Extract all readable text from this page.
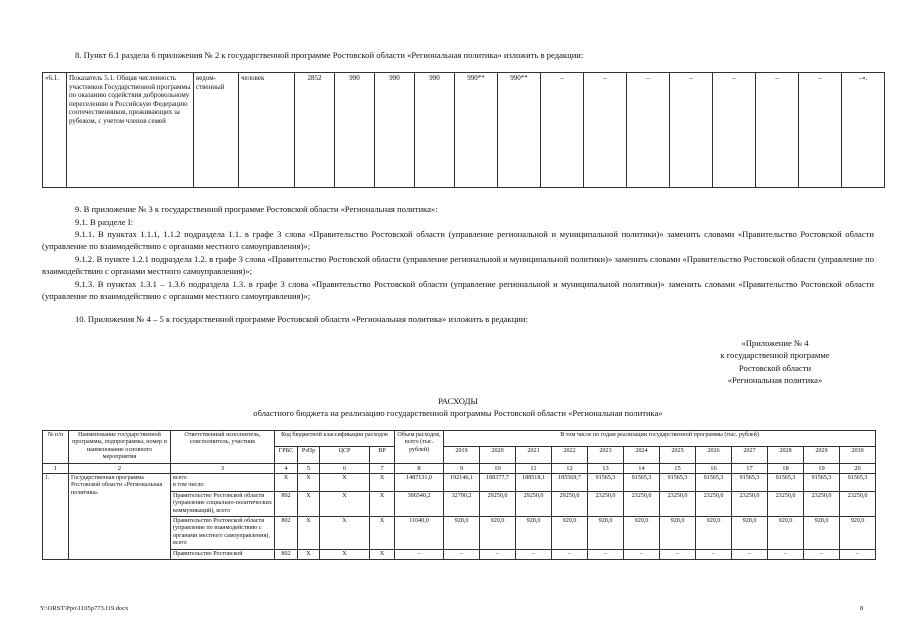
8. Пункт 6.1 раздела 6 приложения № 2 к государственной программе Ростовской области «Региональная политика» изложить в редакции:

«6.1.	Показатель 5.1. Общая численность участников Государственной программы по оказанию содействия добровольному переселению в Российскую Федерацию соотечественников, проживающих за рубежом, с учетом членов семей	ведом-ственный	человек	2852	990	990	990	990**	990**	–	–	–	–	–	–	–	–».

9. В приложение № 3 к государственной программе Ростовской области «Региональная политика»:

9.1. В разделе I:

9.1.1. В пунктах 1.1.1, 1.1.2 подраздела 1.1. в графе 3 слова «Правительство Ростовской области (управление региональной и муниципальной политики)» заменить словами «Правительство Ростовской области (управление по взаимодействию с органами местного самоуправления)»;
9.1.2. В пункте 1.2.1 подраздела 1.2. в графе 3 слова «Правительство Ростовской области (управление региональной и муниципальной политики)» заменить словами «Правительство Ростовской области (управление по взаимодействию с органами местного самоуправления)»;
9.1.3. В пунктах 1.3.1 – 1.3.6 подраздела 1.3. в графе 3 слова «Правительство Ростовской области (управление региональной и муниципальной политики)» заменить словами «Правительство Ростовской области (управление по взаимодействию с органами местного самоуправления)»;

10. Приложения № 4 – 5 к государственной программе Ростовской области «Региональная политика» изложить в редакции:

«Приложение № 4
к государственной программе
Ростовской области
«Региональная политика»
РАСХОДЫ
областного бюджета на реализацию государственной программы Ростовской области «Региональная политика»
№ п/п	Наименование государственной программы, подпрограммы, номер и наименование основного мероприятия	Ответственный исполнитель, соисполнитель, участник	Код бюджетной классификации расходов				Объем расходов, всего (тыс. рублей)	В том числе по годам реализации государственной программы (тыс. рублей)											
			ГРБС	РзПр	ЦСР	ВР		2019	2020	2021	2022	2023	2024	2025	2026	2027	2028	2029	2030
1	2	3	4	5	6	7	8	9	10	11	12	13	14	15	16	17	18	19	20
1.	Государственная программа Ростовской области «Региональная политика»	всего
в том числе:	X	X	X	X	1487131,0	192146,1	188377,7	188518,1	185569,7	91565,3	91565,3	91565,3	91565,3	91565,3	91565,3	91565,3	91565,3
		Правительство Ростовской области (управление социально-политических коммуникаций), всего	802	X	X	X	306540,2	32790,2	29250,0	29250,0	29250,0	23250,0	23250,0	23250,0	23250,0	23250,0	23250,0	23250,0	23250,0
		Правительство Ростовской области (управление по взаимодействию с органами местного самоуправления), всего	802	X	X	X	11040,0	920,0	920,0	920,0	920,0	920,0	920,0	920,0	920,0	920,0	920,0	920,0	920,0
		Правительство Ростовской	802	X	X	X	–	–	–	–	–	–	–	–	–	–	–	–	–
Y:\ORST\Ppo\1105p773.f19.docx	8
